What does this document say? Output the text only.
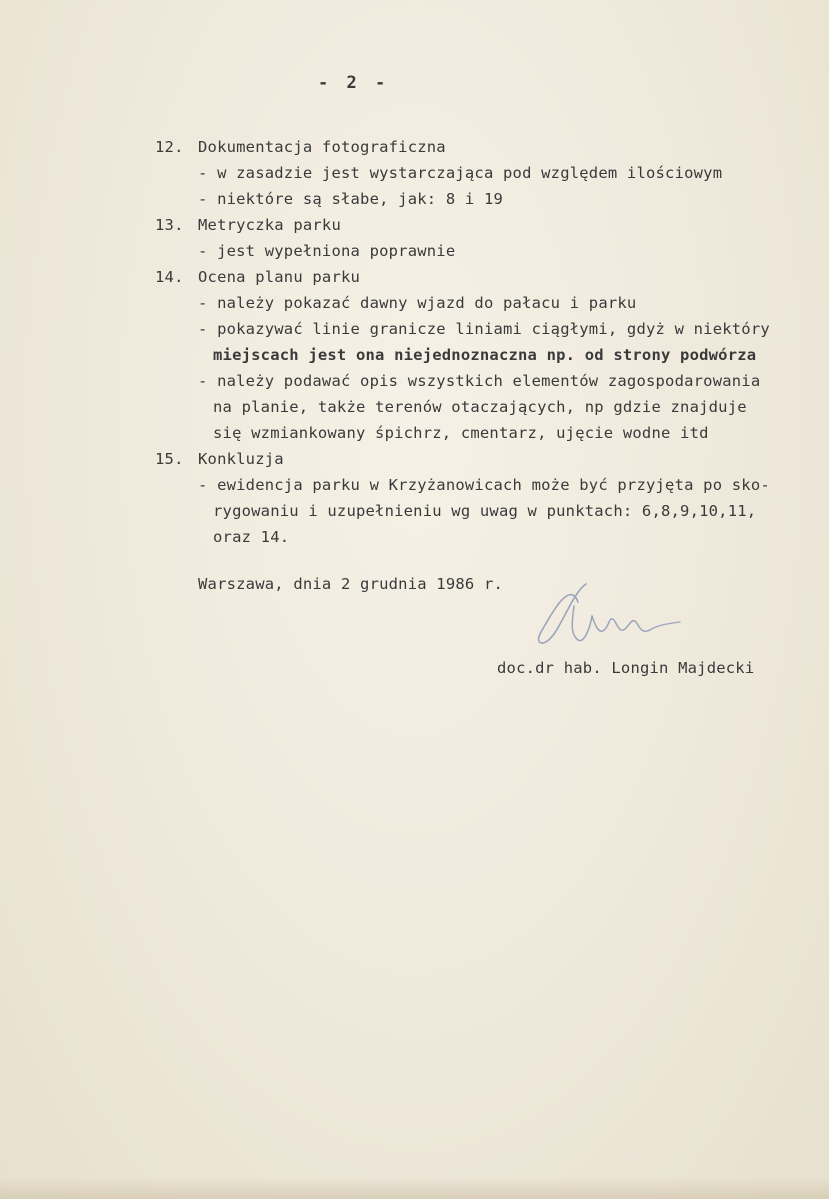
- 2 -
12. Dokumentacja fotograficzna
- w zasadzie jest wystarczająca pod względem ilościowym
- niektóre są słabe, jak: 8 i 19
13. Metryczka parku
- jest wypełniona poprawnie
14. Ocena planu parku
- należy pokazać dawny wjazd do pałacu i parku
- pokazywać linie granicze liniami ciągłymi, gdyż w niektóry
miejscach jest ona niejednoznaczna np. od strony podwórza
- należy podawać opis wszystkich elementów zagospodarowania
na planie, także terenów otaczających, np gdzie znajduje
się wzmiankowany śpichrz, cmentarz, ujęcie wodne itd
15. Konkluzja
- ewidencja parku w Krzyżanowicach może być przyjęta po sko-
rygowaniu i uzupełnieniu wg uwag w punktach: 6,8,9,10,11,
oraz 14.
Warszawa, dnia 2 grudnia 1986 r.
doc.dr hab. Longin Majdecki
